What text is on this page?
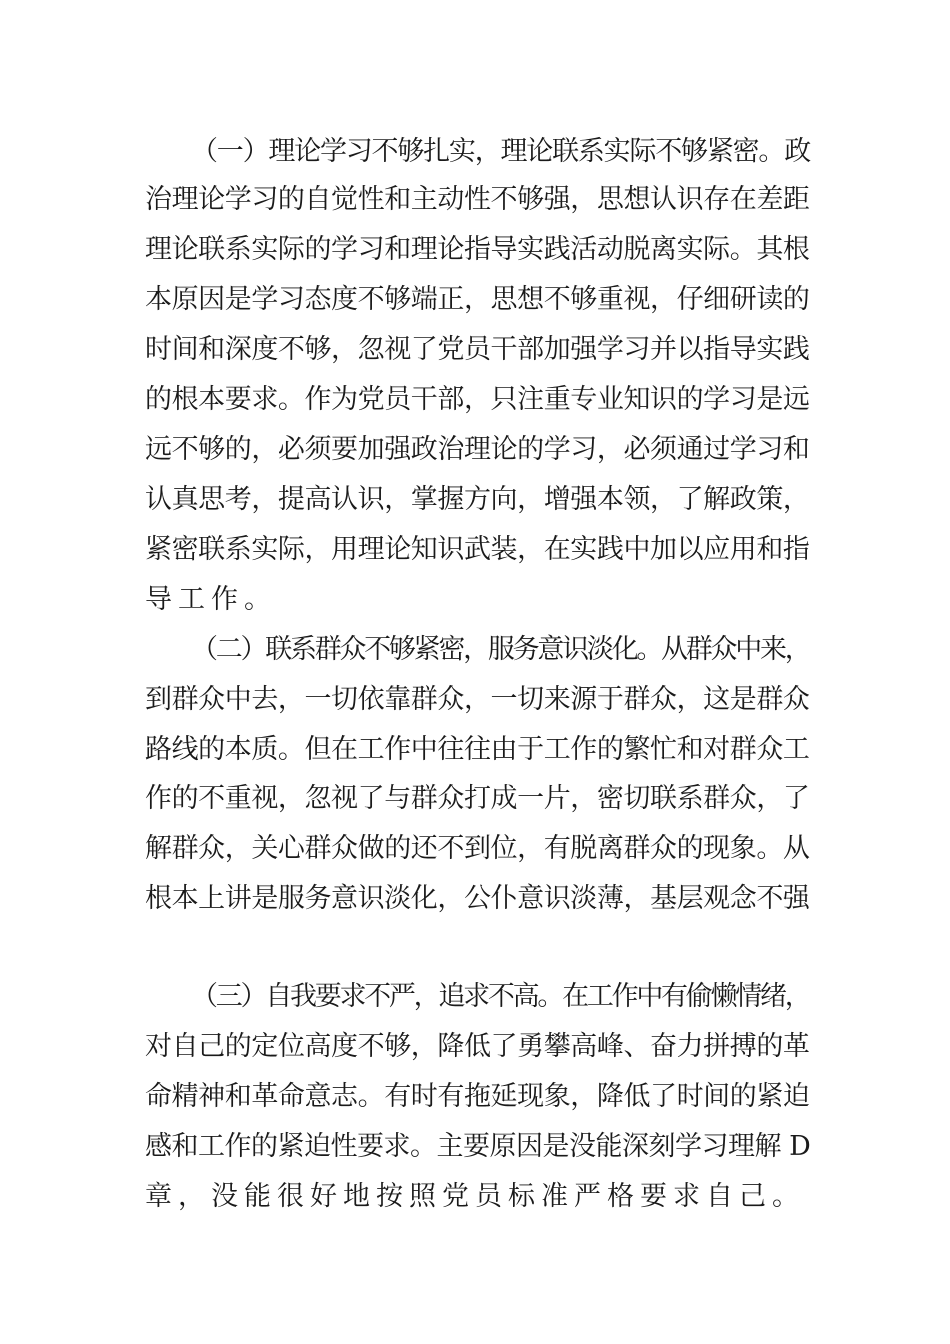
（一）理论学习不够扎实，理论联系实际不够紧密。政
治理论学习的自觉性和主动性不够强，思想认识存在差距
理论联系实际的学习和理论指导实践活动脱离实际。其根
本原因是学习态度不够端正，思想不够重视，仔细研读的
时间和深度不够，忽视了党员干部加强学习并以指导实践
的根本要求。作为党员干部，只注重专业知识的学习是远
远不够的，必须要加强政治理论的学习，必须通过学习和
认真思考，提高认识，掌握方向，增强本领，了解政策，
紧密联系实际，用理论知识武装，在实践中加以应用和指
导工作。
（二）联系群众不够紧密，服务意识淡化。从群众中来，
到群众中去，一切依靠群众，一切来源于群众，这是群众
路线的本质。但在工作中往往由于工作的繁忙和对群众工
作的不重视，忽视了与群众打成一片，密切联系群众，了
解群众，关心群众做的还不到位，有脱离群众的现象。从
根本上讲是服务意识淡化，公仆意识淡薄，基层观念不强
（三）自我要求不严，追求不高。在工作中有偷懒情绪，
对自己的定位高度不够，降低了勇攀高峰、奋力拼搏的革
命精神和革命意志。有时有拖延现象，降低了时间的紧迫
感和工作的紧迫性要求。主要原因是没能深刻学习理解 D
章，没能很好地按照党员标准严格要求自己。
